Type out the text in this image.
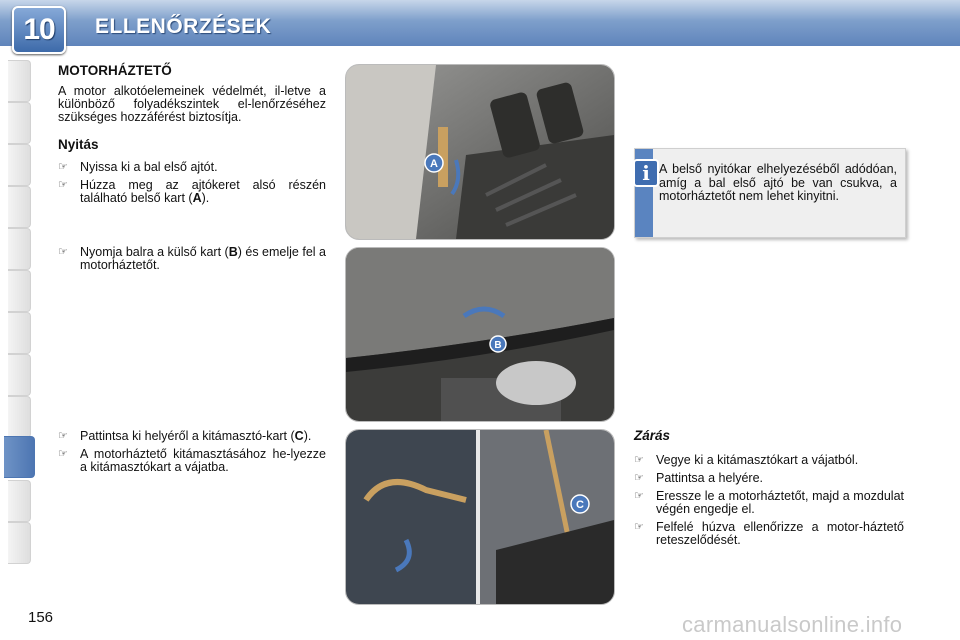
10	ELLENŐRZÉSEK
MOTORHÁZTETŐ

A motor alkotóelemeinek védelmét, il-letve a különböző folyadékszintek el-lenőrzéséhez szükséges hozzáférést biztosítja.

Nyitás
☞ Nyissa ki a bal első ajtót.
☞ Húzza meg az ajtókeret alsó részén található belső kart (A).
☞ Nyomja balra a külső kart (B) és emelje fel a motorháztetőt.
☞ Pattintsa ki helyéről a kitámasztó-kart (C).
☞ A motorháztető kitámasztásához he-lyezze a kitámasztókart a vájatba.
A
B
C
i A belső nyitókar elhelyezéséből adódóan, amíg a bal első ajtó be van csukva, a motorháztetőt nem lehet kinyitni.
Zárás
☞ Vegye ki a kitámasztókart a vájatból.
☞ Pattintsa a helyére.
☞ Eressze le a motorháztetőt, majd a mozdulat végén engedje el.
☞ Felfelé húzva ellenőrizze a motor-háztető reteszelődését.
156	carmanualsonline.info
